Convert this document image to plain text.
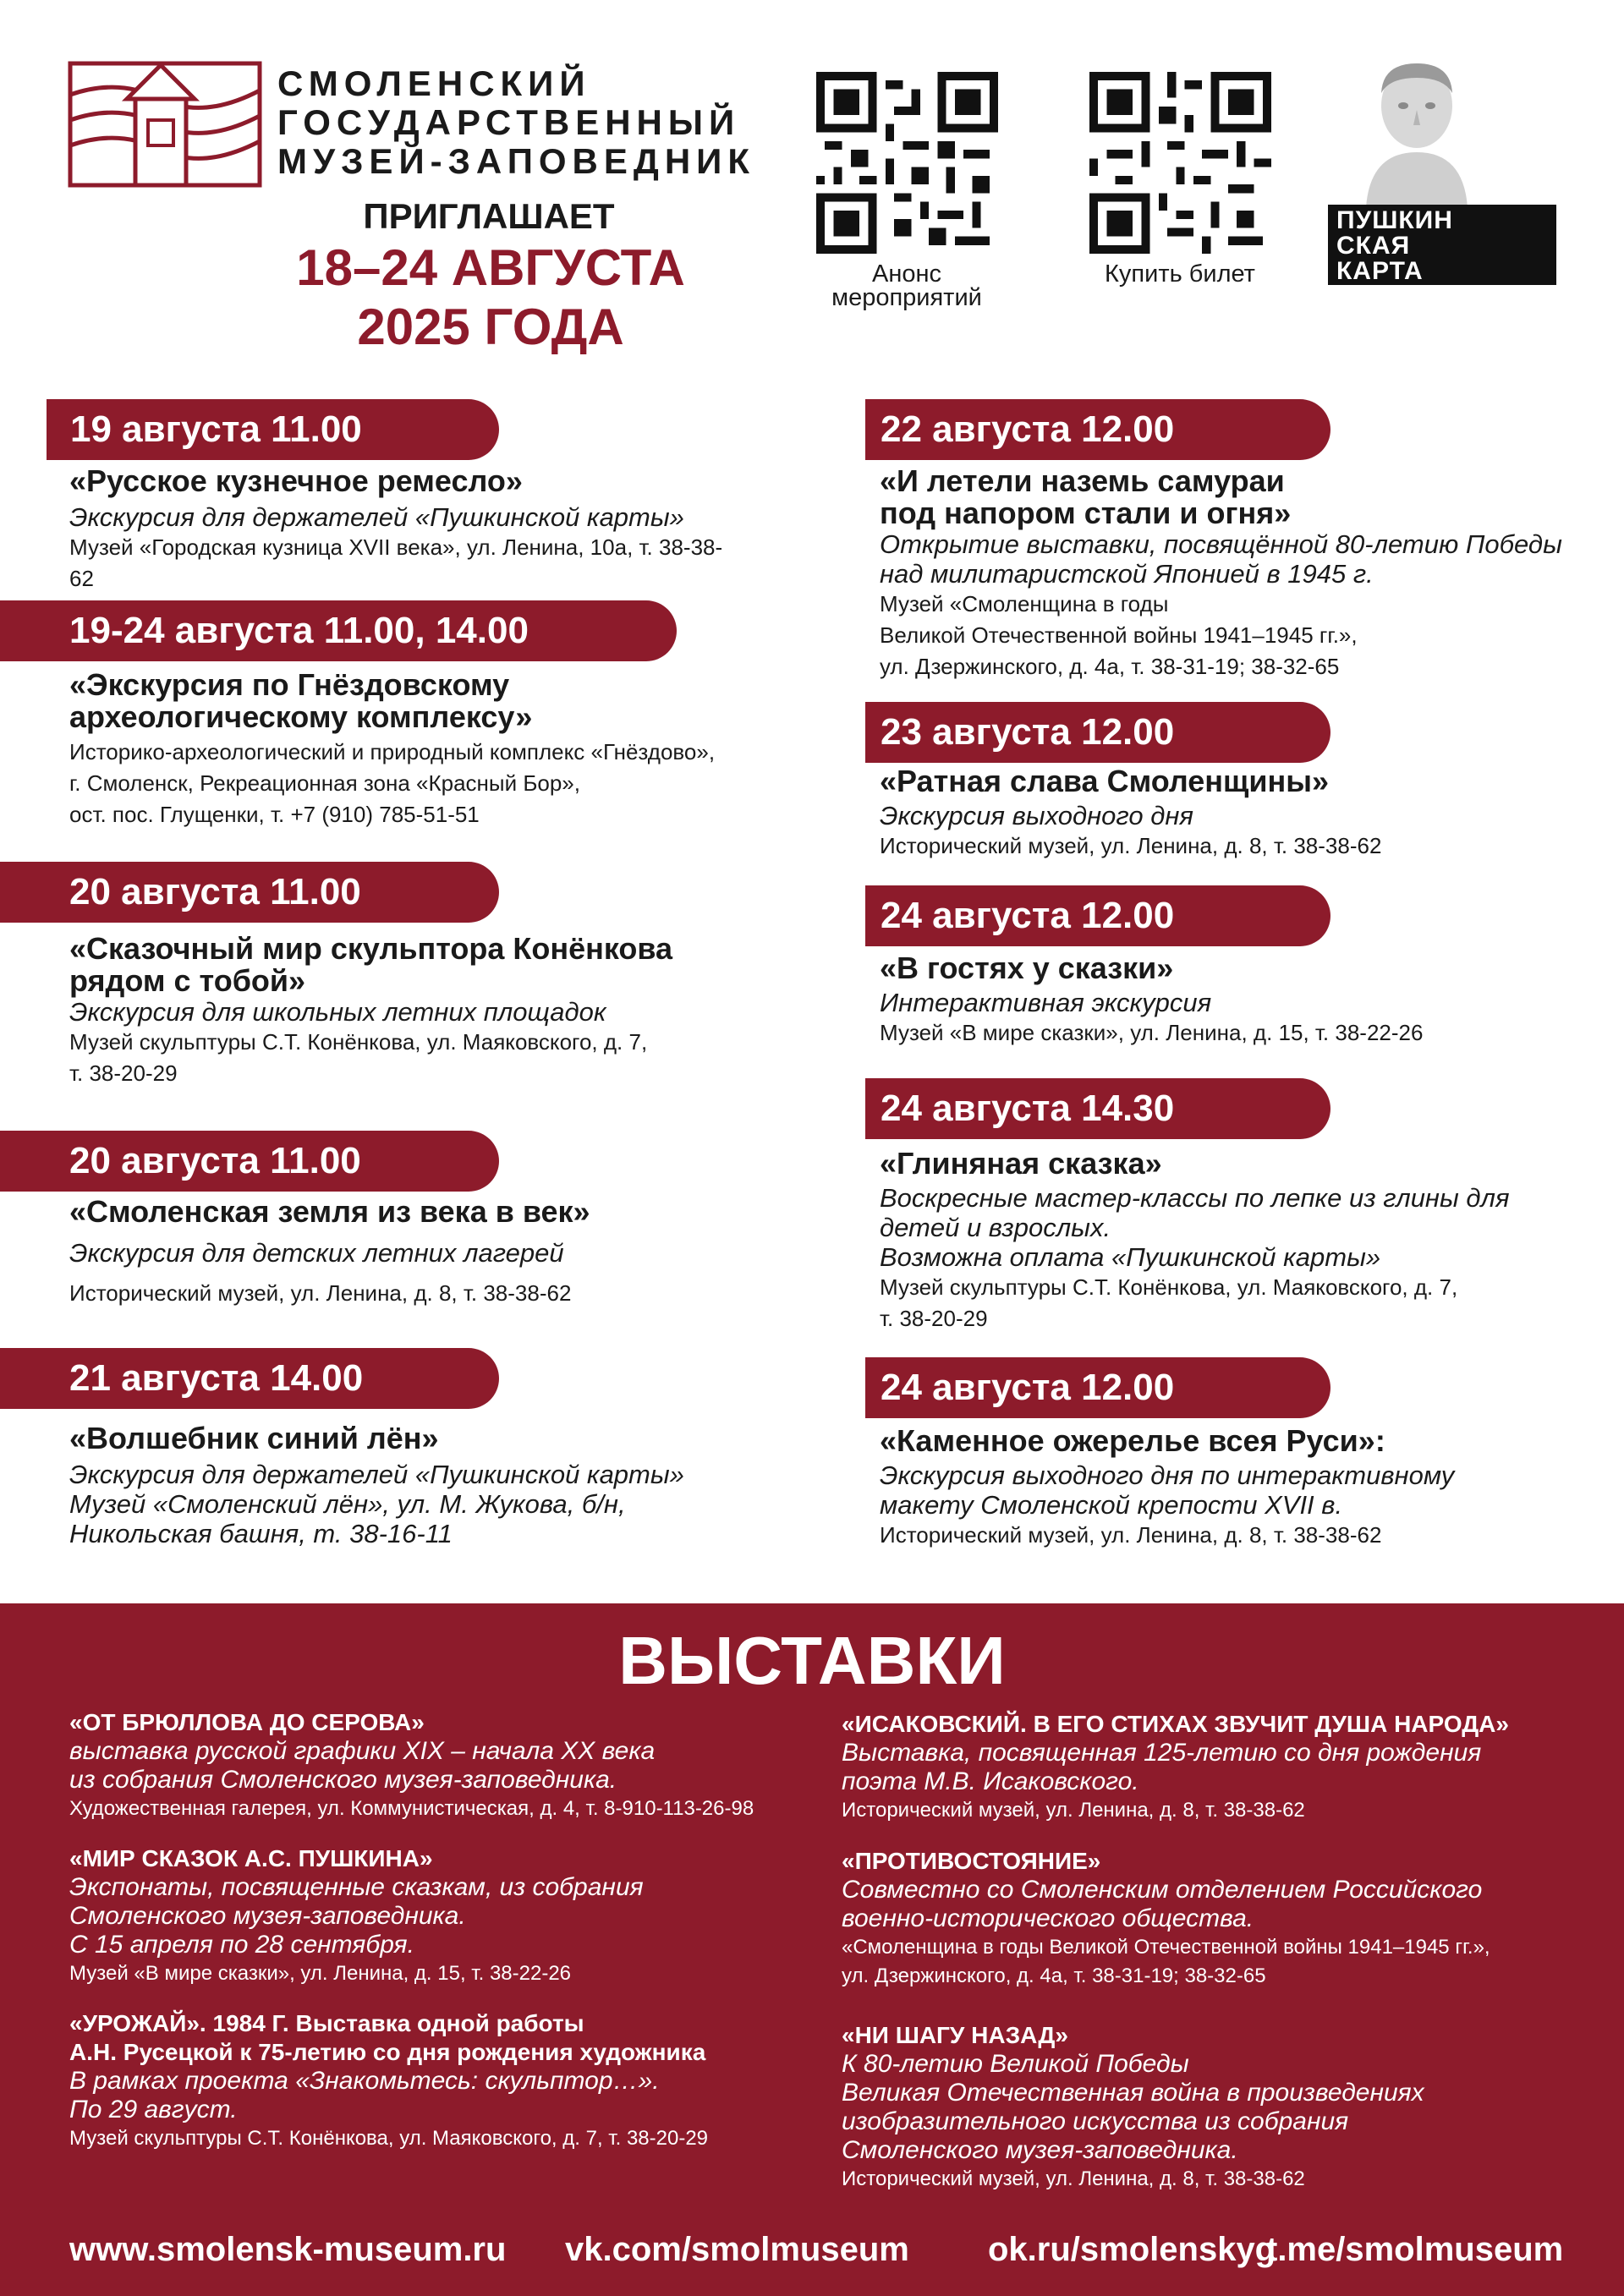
СМОЛЕНСКИЙ
ГОСУДАРСТВЕННЫЙ
МУЗЕЙ-ЗАПОВЕДНИК
ПРИГЛАШАЕТ
18–24 АВГУСТА
2025 ГОДА
Анонс
мероприятий
Купить билет
ПУШКИН
СКАЯ
КАРТА
19 августа 11.00
«Русское кузнечное ремесло»
Экскурсия для держателей «Пушкинской карты»
Музей «Городская кузница XVII века», ул. Ленина, 10а, т. 38-38-62
19-24 августа 11.00, 14.00
«Экскурсия по Гнёздовскому
археологическому комплексу»
Историко-археологический и природный комплекс «Гнёздово»,
г. Смоленск, Рекреационная зона «Красный Бор»,
ост. пос. Глущенки, т. +7 (910) 785-51-51
20 августа 11.00
«Сказочный мир скульптора Конёнкова
рядом с тобой»
Экскурсия для школьных летних площадок
Музей скульптуры С.Т. Конёнкова, ул. Маяковского, д. 7,
т. 38-20-29
20 августа 11.00
«Смоленская земля из века в век»
Экскурсия для детских летних лагерей
Исторический музей, ул. Ленина, д. 8, т. 38-38-62
21 августа 14.00
«Волшебник синий лён»
Экскурсия для держателей «Пушкинской карты»
Музей «Смоленский лён», ул. М. Жукова, б/н,
Никольская башня, т. 38-16-11
22 августа 12.00
«И летели наземь самураи
под напором стали и огня»
Открытие выставки, посвящённой 80-летию Победы
над милитаристской Японией в 1945 г.
Музей «Смоленщина в годы
Великой Отечественной войны 1941–1945 гг.»,
ул. Дзержинского, д. 4а, т. 38-31-19; 38-32-65
23 августа 12.00
«Ратная слава Смоленщины»
Экскурсия выходного дня
Исторический музей, ул. Ленина, д. 8, т. 38-38-62
24 августа 12.00
«В гостях у сказки»
Интерактивная экскурсия
Музей «В мире сказки», ул. Ленина, д. 15, т. 38-22-26
24 августа 14.30
«Глиняная сказка»
Воскресные мастер-классы по лепке из глины для
детей и взрослых.
Возможна оплата «Пушкинской карты»
Музей скульптуры С.Т. Конёнкова, ул. Маяковского, д. 7,
т. 38-20-29
24 августа 12.00
«Каменное ожерелье всея Руси»:
Экскурсия выходного дня по интерактивному
макету Смоленской крепости XVII в.
Исторический музей, ул. Ленина, д. 8, т. 38-38-62
ВЫСТАВКИ
«ОТ БРЮЛЛОВА ДО СЕРОВА»
выставка русской графики XIX – начала XX века
из собрания Смоленского музея-заповедника.
Художественная галерея, ул. Коммунистическая, д. 4, т. 8-910-113-26-98
«МИР СКАЗОК А.С. ПУШКИНА»
Экспонаты, посвященные сказкам, из собрания
Смоленского музея-заповедника.
С 15 апреля по 28 сентября.
Музей «В мире сказки», ул. Ленина, д. 15, т. 38-22-26
«УРОЖАЙ». 1984 Г. Выставка одной работы
А.Н. Русецкой к 75-летию со дня рождения художника
В рамках проекта «Знакомьтесь: скульптор…».
По 29 август.
Музей скульптуры С.Т. Конёнкова, ул. Маяковского, д. 7, т. 38-20-29
«ИСАКОВСКИЙ. В ЕГО СТИХАХ ЗВУЧИТ ДУША НАРОДА»
Выставка, посвященная 125-летию со дня рождения
поэта М.В. Исаковского.
Исторический музей, ул. Ленина, д. 8, т. 38-38-62
«ПРОТИВОСТОЯНИЕ»
Совместно со Смоленским отделением Российского
военно-исторического общества.
«Смоленщина в годы Великой Отечественной войны 1941–1945 гг.»,
ул. Дзержинского, д. 4а, т. 38-31-19; 38-32-65
«НИ ШАГУ НАЗАД»
К 80-летию Великой Победы
Великая Отечественная война в произведениях
изобразительного искусства из собрания
Смоленского музея-заповедника.
Исторический музей, ул. Ленина, д. 8, т. 38-38-62
www.smolensk-museum.ru vk.com/smolmuseum ok.ru/smolenskyg
t.me/smolmuseum
